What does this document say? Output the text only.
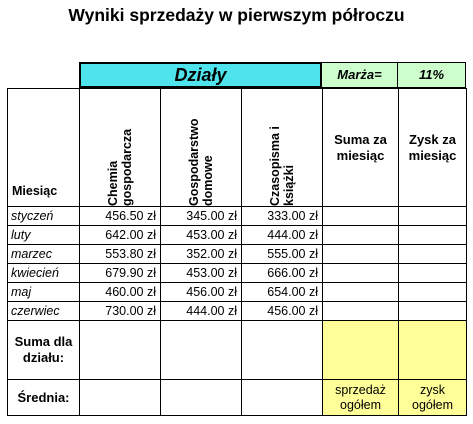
Wyniki sprzedaży w pierwszym półroczu
Działy	Marża=	11%
Miesiąc	Chemia gospodarcza	Gospodarstwo domowe	Czasopisma i książki	Suma za miesiąc	Zysk za miesiąc
styczeń	456.50 zł	345.00 zł	333.00 zł		
luty	642.00 zł	453.00 zł	444.00 zł		
marzec	553.80 zł	352.00 zł	555.00 zł		
kwiecień	679.90 zł	453.00 zł	666.00 zł		
maj	460.00 zł	456.00 zł	654.00 zł		
czerwiec	730.00 zł	444.00 zł	456.00 zł		
Suma dla działu:					
Średnia:				sprzedaż ogółem	zysk ogółem
